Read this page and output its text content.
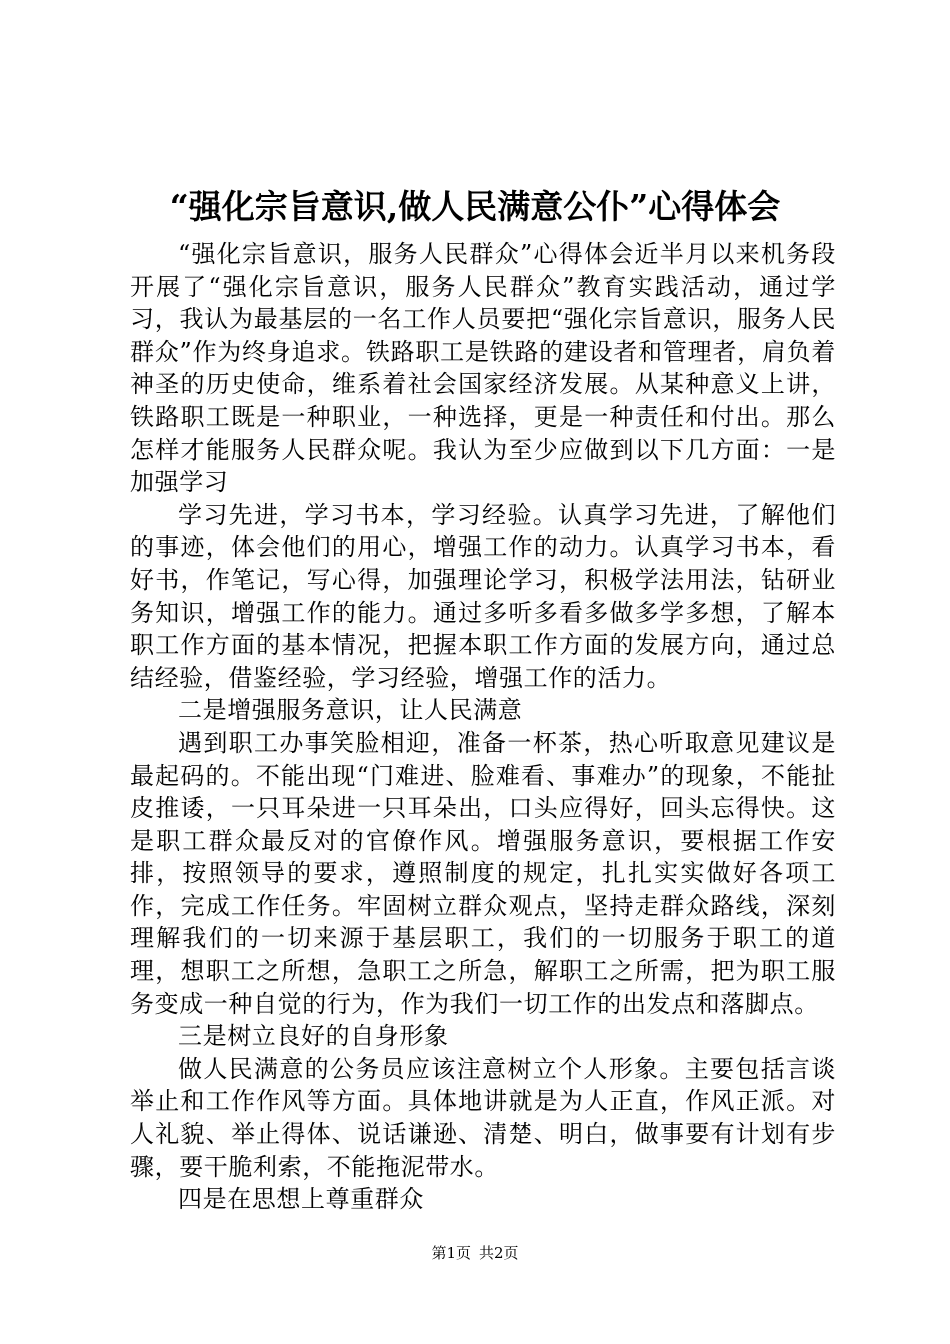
“强化宗旨意识,做人民满意公仆”心得体会

“强化宗旨意识，服务人民群众”心得体会近半月以来机务段开展了“强化宗旨意识，服务人民群众”教育实践活动，通过学习，我认为最基层的一名工作人员要把“强化宗旨意识，服务人民群众”作为终身追求。铁路职工是铁路的建设者和管理者，肩负着神圣的历史使命，维系着社会国家经济发展。从某种意义上讲，铁路职工既是一种职业，一种选择，更是一种责任和付出。那么怎样才能服务人民群众呢。我认为至少应做到以下几方面：一是加强学习

学习先进，学习书本，学习经验。认真学习先进，了解他们的事迹，体会他们的用心，增强工作的动力。认真学习书本，看好书，作笔记，写心得，加强理论学习，积极学法用法，钻研业务知识，增强工作的能力。通过多听多看多做多学多想，了解本职工作方面的基本情况，把握本职工作方面的发展方向，通过总结经验，借鉴经验，学习经验，增强工作的活力。

二是增强服务意识，让人民满意

遇到职工办事笑脸相迎，准备一杯茶，热心听取意见建议是最起码的。不能出现“门难进、脸难看、事难办”的现象，不能扯皮推诿，一只耳朵进一只耳朵出，口头应得好，回头忘得快。这是职工群众最反对的官僚作风。增强服务意识，要根据工作安排，按照领导的要求，遵照制度的规定，扎扎实实做好各项工作，完成工作任务。牢固树立群众观点，坚持走群众路线，深刻理解我们的一切来源于基层职工，我们的一切服务于职工的道理，想职工之所想，急职工之所急，解职工之所需，把为职工服务变成一种自觉的行为，作为我们一切工作的出发点和落脚点。

三是树立良好的自身形象

做人民满意的公务员应该注意树立个人形象。主要包括言谈举止和工作作风等方面。具体地讲就是为人正直，作风正派。对人礼貌、举止得体、说话谦逊、清楚、明白，做事要有计划有步骤，要干脆利索，不能拖泥带水。

四是在思想上尊重群众

第1页 共2页
